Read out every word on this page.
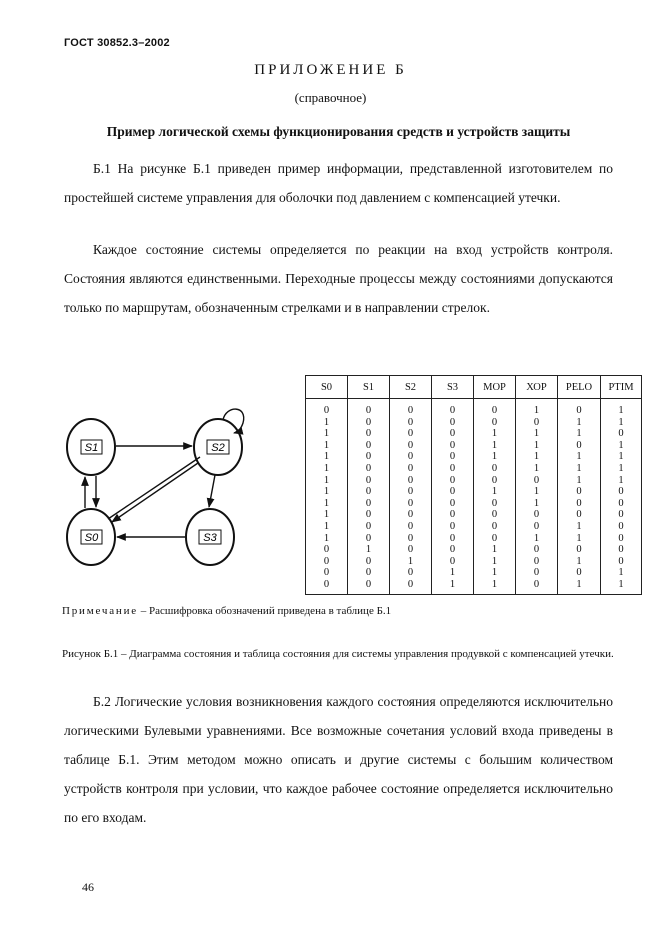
ГОСТ 30852.3–2002
ПРИЛОЖЕНИЕ Б
(справочное)
Пример логической схемы функционирования средств и устройств защиты

Б.1 На рисунке Б.1 приведен пример информации, представленной изготовителем по простейшей системе управления для оболочки под давлением с компенсацией утечки.

Каждое состояние системы определяется по реакции на вход устройств контроля. Состояния являются единственными. Переходные процессы между состояниями допускаются только по маршрутам, обозначенным стрелками и в направлении стрелок.

S1	S2
S0	S3
S0	S1	S2	S3	МОР	ХОР	PELO	PTIM
0	0	0	0	0	1	0	1
1	0	0	0	0	0	1	1
1	0	0	0	1	1	1	0
1	0	0	0	1	1	0	1
1	0	0	0	1	1	1	1
1	0	0	0	0	1	1	1
1	0	0	0	0	0	1	1
1	0	0	0	1	1	0	0
1	0	0	0	0	1	0	0
1	0	0	0	0	0	0	0
1	0	0	0	0	0	1	0
1	0	0	0	0	1	1	0
0	1	0	0	1	0	0	0
0	0	1	0	1	0	1	0
0	0	0	1	1	0	0	1
0	0	0	1	1	0	1	1
Примечание – Расшифровка обозначений приведена в таблице Б.1
Рисунок Б.1 – Диаграмма состояния и таблица состояния для системы управления продувкой с компенсацией утечки.

Б.2 Логические условия возникновения каждого состояния определяются исключительно логическими Булевыми уравнениями. Все возможные сочетания условий входа приведены в таблице Б.1. Этим методом можно описать и другие системы с большим количеством устройств контроля при условии, что каждое рабочее состояние определяется исключительно по его входам.

46
